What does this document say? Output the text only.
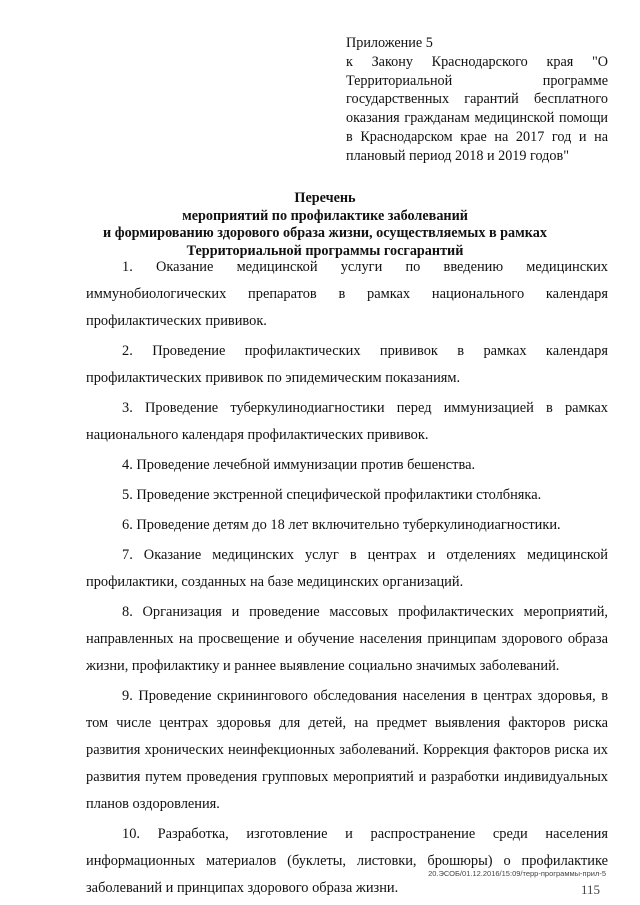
Приложение 5
к Закону Краснодарского края "О Территориальной программе государственных гарантий бесплатного оказания гражданам медицинской помощи в Краснодарском крае на 2017 год и на плановый период 2018 и 2019 годов"
Перечень
мероприятий по профилактике заболеваний
и формированию здорового образа жизни, осуществляемых в рамках
Территориальной программы госгарантий

1. Оказание медицинской услуги по введению медицинских иммунобиологических препаратов в рамках национального календаря профилактических прививок.

2. Проведение профилактических прививок в рамках календаря профилактических прививок по эпидемическим показаниям.

3. Проведение туберкулинодиагностики перед иммунизацией в рамках национального календаря профилактических прививок.

4. Проведение лечебной иммунизации против бешенства.

5. Проведение экстренной специфической профилактики столбняка.

6. Проведение детям до 18 лет включительно туберкулинодиагностики.

7. Оказание медицинских услуг в центрах и отделениях медицинской профилактики, созданных на базе медицинских организаций.

8. Организация и проведение массовых профилактических мероприятий, направленных на просвещение и обучение населения принципам здорового образа жизни, профилактику и раннее выявление социально значимых заболеваний.

9. Проведение скринингового обследования населения в центрах здоровья, в том числе центрах здоровья для детей, на предмет выявления факторов риска развития хронических неинфекционных заболеваний. Коррекция факторов риска их развития путем проведения групповых мероприятий и разработки индивидуальных планов оздоровления.

10. Разработка, изготовление и распространение среди населения информационных материалов (буклеты, листовки, брошюры) о профилактике заболеваний и принципах здорового образа жизни.

20.ЭСОБ/01.12.2016/15:09/терр-программы-прил-5
115
